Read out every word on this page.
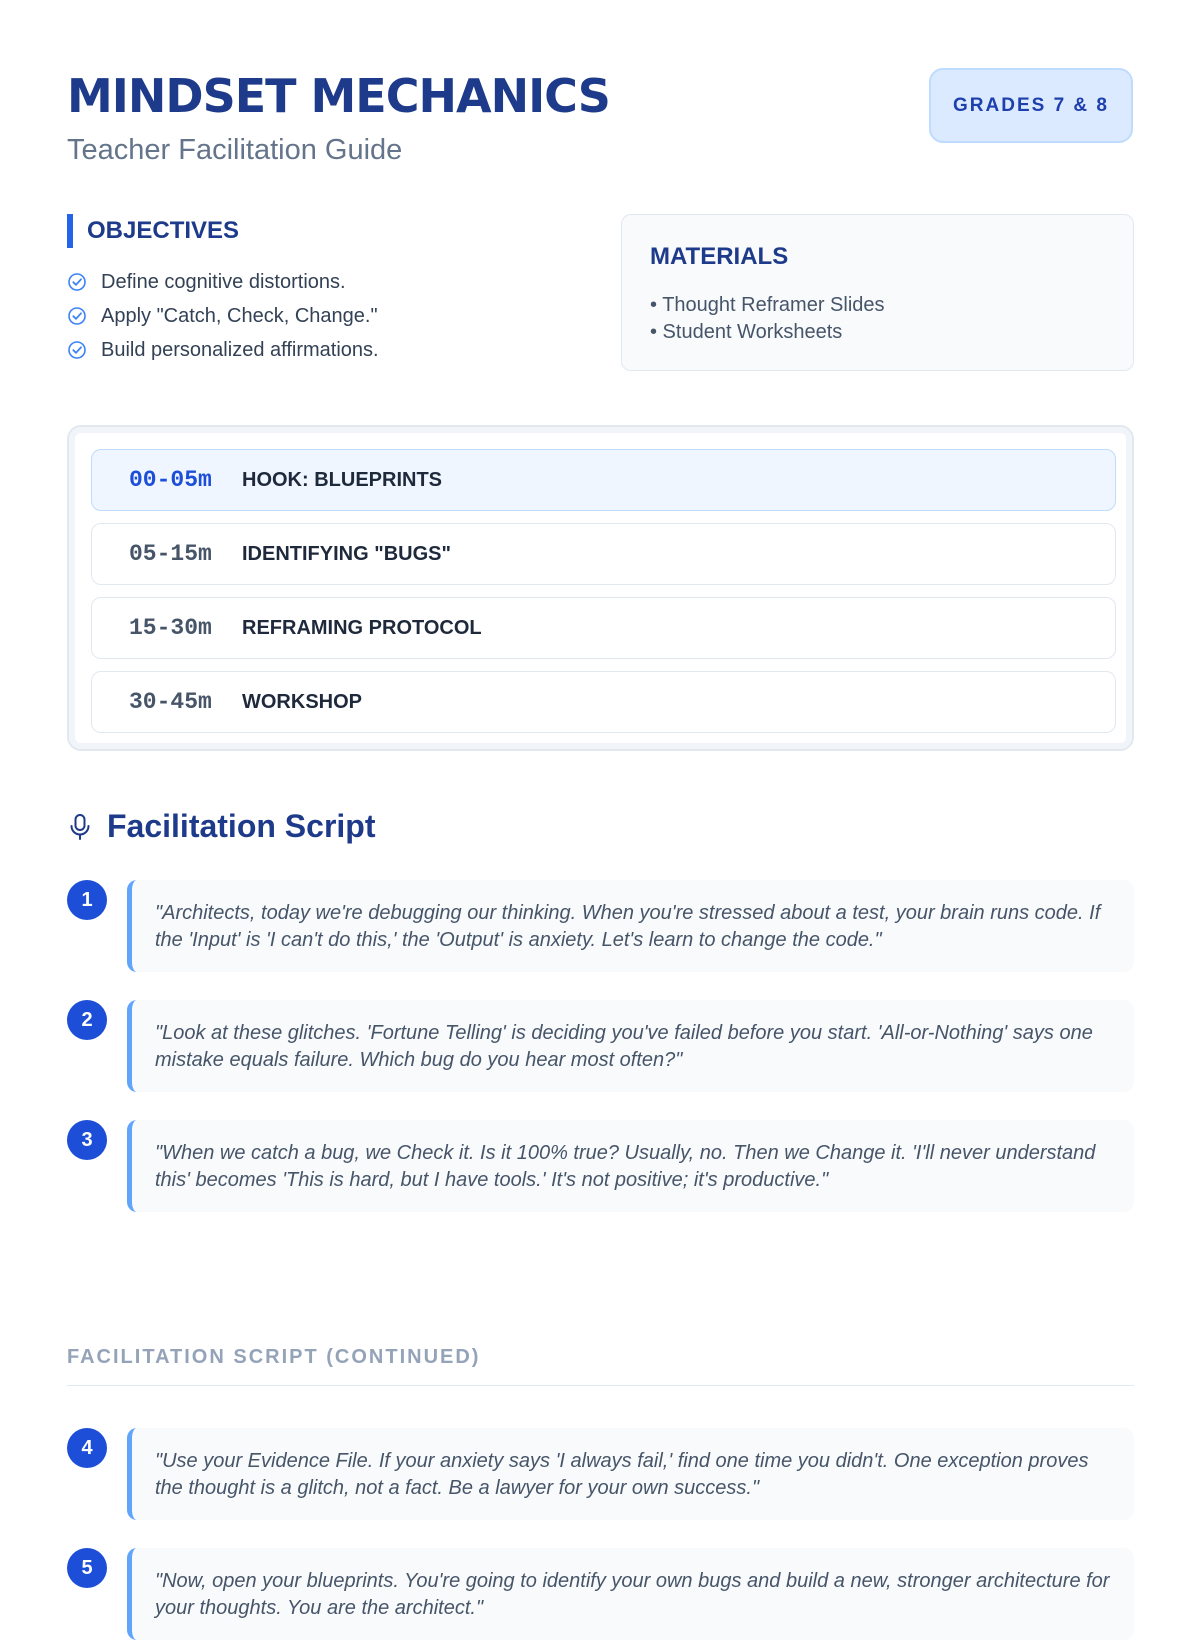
MINDSET MECHANICS
Teacher Facilitation Guide
GRADES 7 & 8
OBJECTIVES
Define cognitive distortions.
Apply "Catch, Check, Change."
Build personalized affirmations.
MATERIALS
• Thought Reframer Slides
• Student Worksheets
00-05m	HOOK: BLUEPRINTS
05-15m	IDENTIFYING "BUGS"
15-30m	REFRAMING PROTOCOL
30-45m	WORKSHOP
Facilitation Script
1
"Architects, today we're debugging our thinking. When you're stressed about a test, your brain runs code. If the 'Input' is 'I can't do this,' the 'Output' is anxiety. Let's learn to change the code."
2
"Look at these glitches. 'Fortune Telling' is deciding you've failed before you start. 'All-or-Nothing' says one mistake equals failure. Which bug do you hear most often?"
3
"When we catch a bug, we Check it. Is it 100% true? Usually, no. Then we Change it. 'I'll never understand this' becomes 'This is hard, but I have tools.' It's not positive; it's productive."
FACILITATION SCRIPT (CONTINUED)
4
"Use your Evidence File. If your anxiety says 'I always fail,' find one time you didn't. One exception proves the thought is a glitch, not a fact. Be a lawyer for your own success."
5
"Now, open your blueprints. You're going to identify your own bugs and build a new, stronger architecture for your thoughts. You are the architect."
